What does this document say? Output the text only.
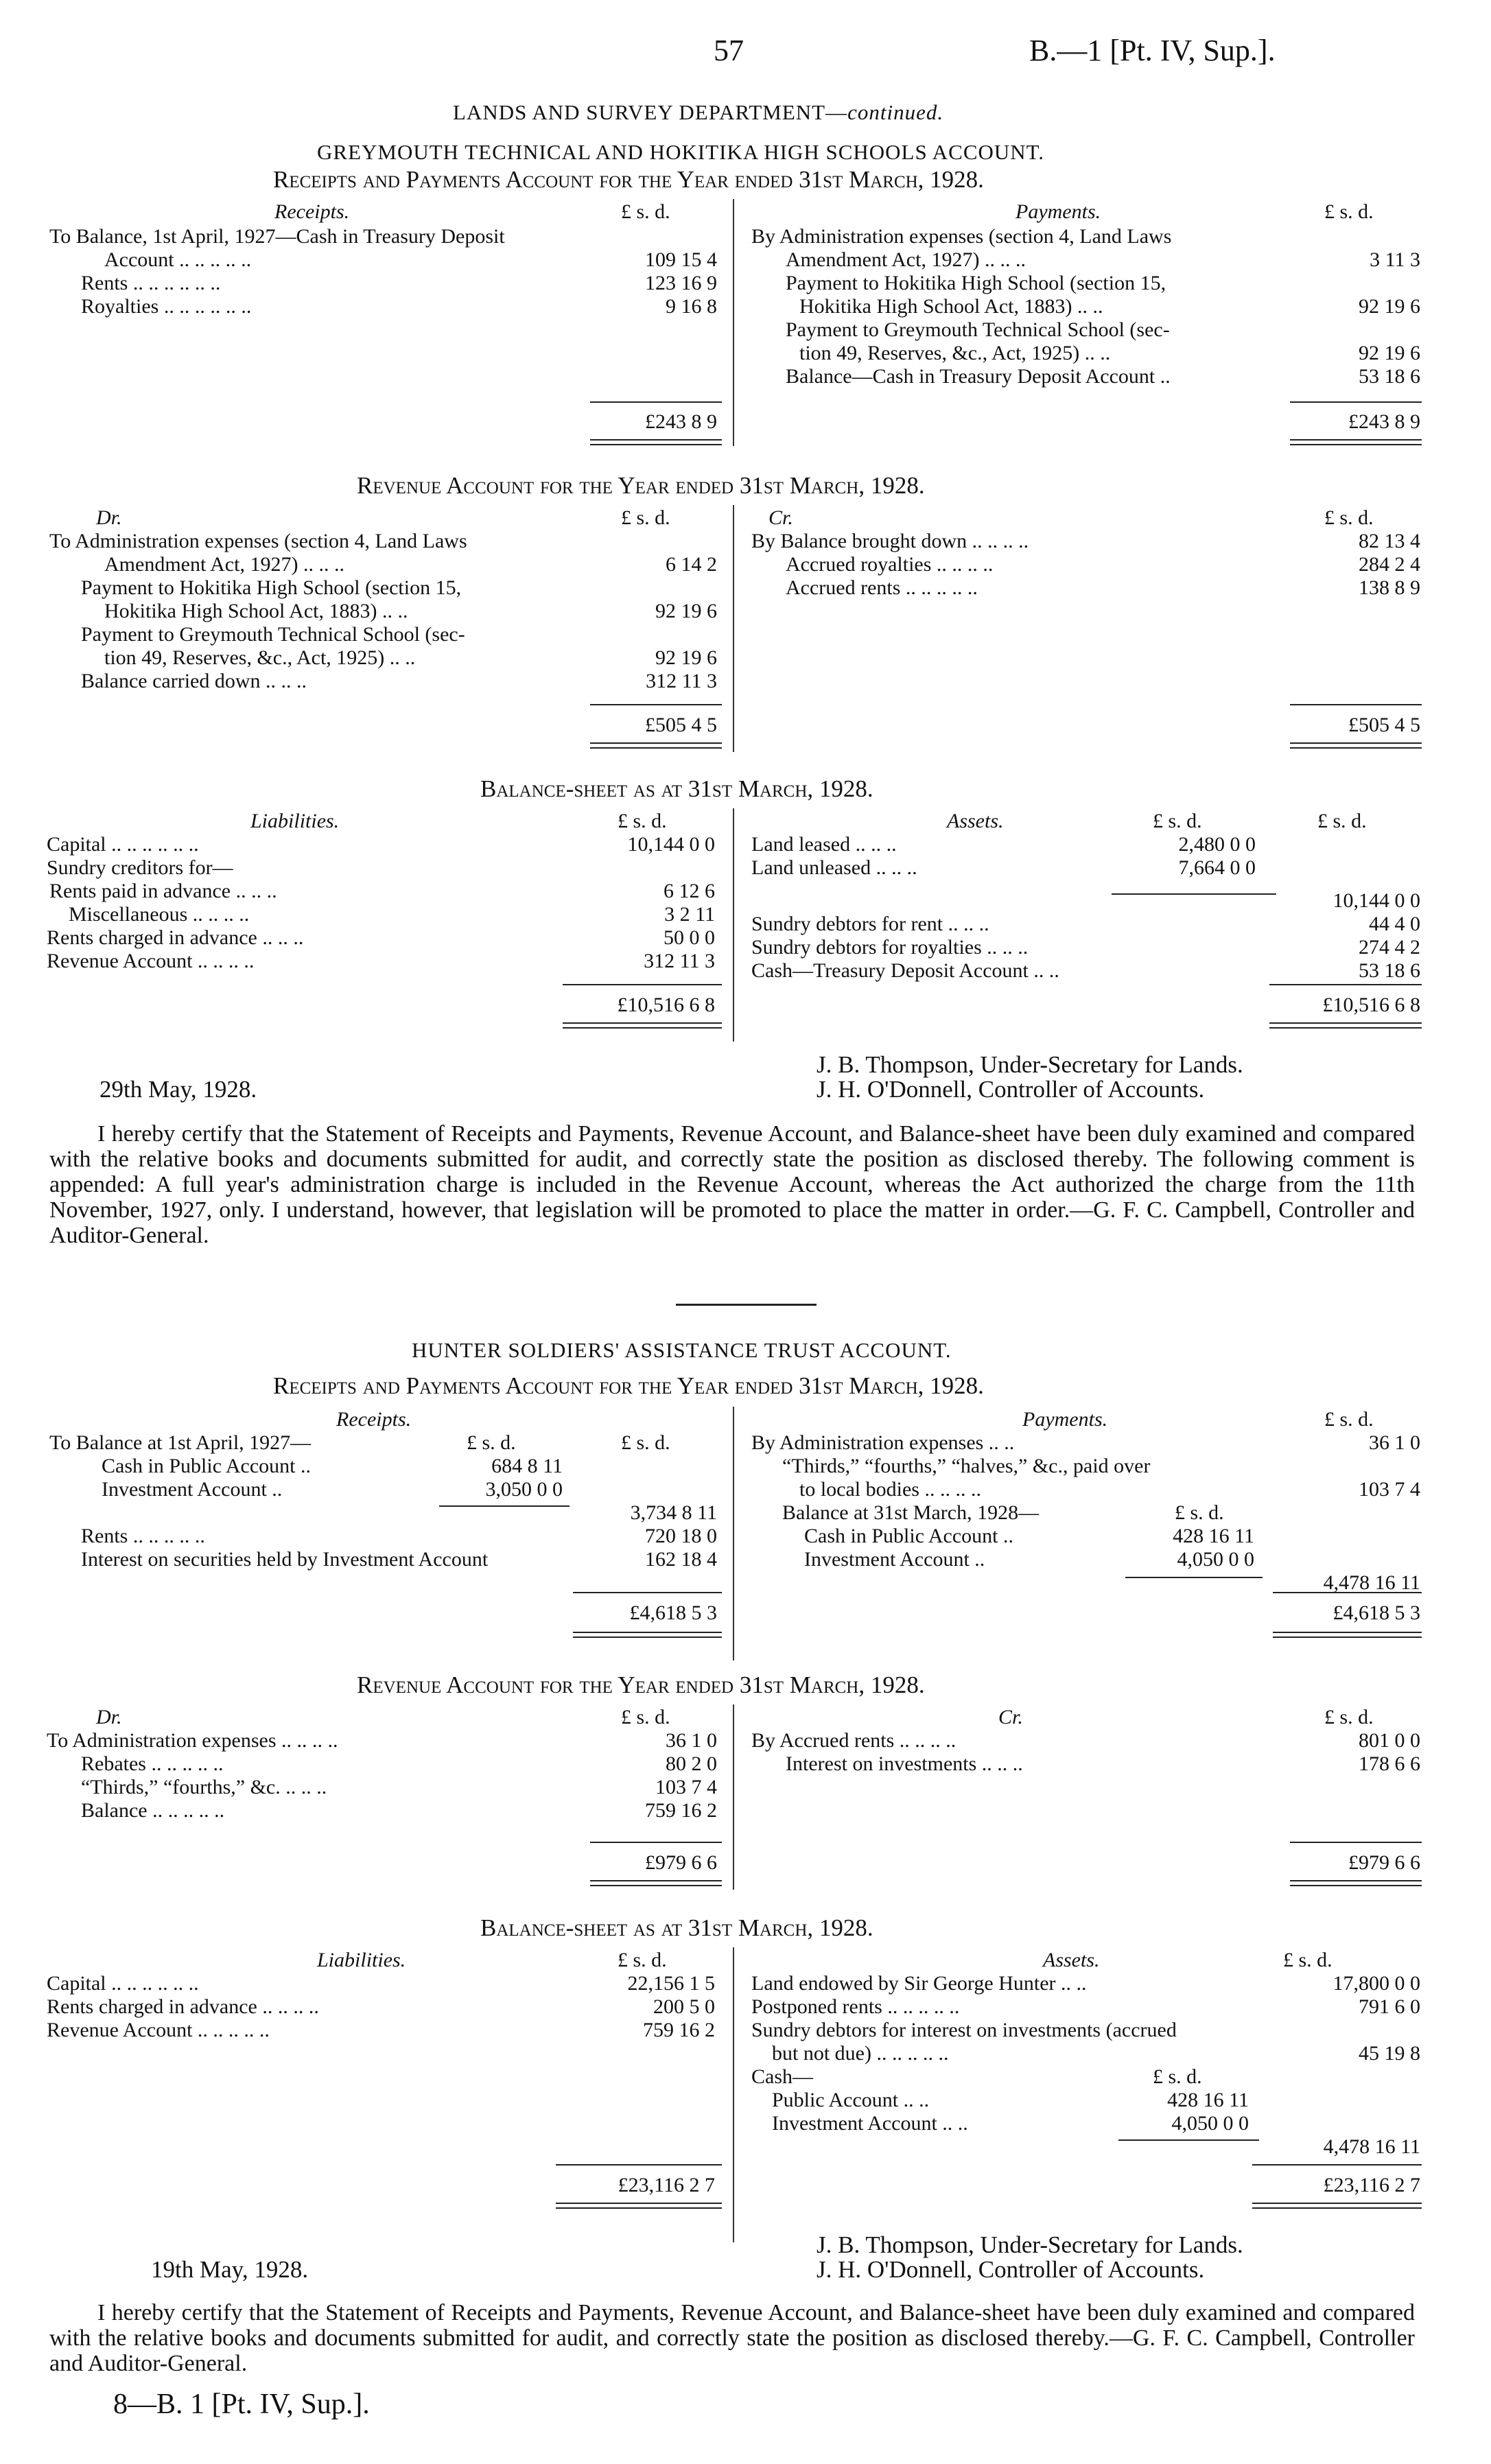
57	B.—1 [Pt. IV, Sup.].
LANDS AND SURVEY DEPARTMENT—continued.
GREYMOUTH TECHNICAL AND HOKITIKA HIGH SCHOOLS ACCOUNT.
Receipts and Payments Account for the Year ended 31st March, 1928.
Receipts.	£ s. d.
To Balance, 1st April, 1927—Cash in Treasury Deposit
Account .. .. .. .. ..	109 15 4
Rents .. .. .. .. .. ..	123 16 9
Royalties .. .. .. .. .. ..	9 16 8
£243 8 9
Payments.	£ s. d.
By Administration expenses (section 4, Land Laws
Amendment Act, 1927) .. .. ..	3 11 3
Payment to Hokitika High School (section 15,
Hokitika High School Act, 1883) .. ..	92 19 6
Payment to Greymouth Technical School (sec-
tion 49, Reserves, &c., Act, 1925) .. ..	92 19 6
Balance—Cash in Treasury Deposit Account ..	53 18 6
£243 8 9
Revenue Account for the Year ended 31st March, 1928.
Dr.	£ s. d.
To Administration expenses (section 4, Land Laws
Amendment Act, 1927) .. .. ..	6 14 2
Payment to Hokitika High School (section 15,
Hokitika High School Act, 1883) .. ..	92 19 6
Payment to Greymouth Technical School (sec-
tion 49, Reserves, &c., Act, 1925) .. ..	92 19 6
Balance carried down .. .. ..	312 11 3
£505 4 5
Cr.	£ s. d.
By Balance brought down .. .. .. ..	82 13 4
Accrued royalties .. .. .. ..	284 2 4
Accrued rents .. .. .. .. ..	138 8 9
£505 4 5
Balance-sheet as at 31st March, 1928.
Liabilities.	£ s. d.
Capital .. .. .. .. .. ..	10,144 0 0
Sundry creditors for—
Rents paid in advance .. .. ..	6 12 6
Miscellaneous .. .. .. ..	3 2 11
Rents charged in advance .. .. ..	50 0 0
Revenue Account .. .. .. ..	312 11 3
£10,516 6 8
Assets.	£ s. d.	£ s. d.
Land leased .. .. ..	2,480 0 0
Land unleased .. .. ..	7,664 0 0
10,144 0 0
Sundry debtors for rent .. .. ..	44 4 0
Sundry debtors for royalties .. .. ..	274 4 2
Cash—Treasury Deposit Account .. ..	53 18 6
£10,516 6 8
J. B. Thompson, Under-Secretary for Lands.
J. H. O'Donnell, Controller of Accounts.
29th May, 1928.
I hereby certify that the Statement of Receipts and Payments, Revenue Account, and Balance-sheet have been duly examined and compared with the relative books and documents submitted for audit, and correctly state the position as disclosed thereby. The following comment is appended: A full year's administration charge is included in the Revenue Account, whereas the Act authorized the charge from the 11th November, 1927, only. I understand, however, that legislation will be promoted to place the matter in order.—G. F. C. Campbell, Controller and Auditor-General.
HUNTER SOLDIERS' ASSISTANCE TRUST ACCOUNT.
Receipts and Payments Account for the Year ended 31st March, 1928.
Receipts.
£ s. d.	£ s. d.
To Balance at 1st April, 1927—
Cash in Public Account ..	684 8 11
Investment Account ..	3,050 0 0
3,734 8 11
Rents .. .. .. .. ..	720 18 0
Interest on securities held by Investment Account	162 18 4
£4,618 5 3
Payments.	£ s. d.
By Administration expenses .. ..	36 1 0
“Thirds,” “fourths,” “halves,” &c., paid over
to local bodies .. .. .. ..	103 7 4
Balance at 31st March, 1928—	£ s. d.
Cash in Public Account ..	428 16 11
Investment Account ..	4,050 0 0
4,478 16 11
£4,618 5 3
Revenue Account for the Year ended 31st March, 1928.
Dr.	£ s. d.
To Administration expenses .. .. .. ..	36 1 0
Rebates .. .. .. .. ..	80 2 0
“Thirds,” “fourths,” &c. .. .. ..	103 7 4
Balance .. .. .. .. ..	759 16 2
£979 6 6
Cr.	£ s. d.
By Accrued rents .. .. .. ..	801 0 0
Interest on investments .. .. ..	178 6 6
£979 6 6
Balance-sheet as at 31st March, 1928.
Liabilities.	£ s. d.
Capital .. .. .. .. .. ..	22,156 1 5
Rents charged in advance .. .. .. ..	200 5 0
Revenue Account .. .. .. .. ..	759 16 2
£23,116 2 7
Assets.	£ s. d.
Land endowed by Sir George Hunter .. ..	17,800 0 0
Postponed rents .. .. .. .. ..	791 6 0
Sundry debtors for interest on investments (accrued
but not due) .. .. .. .. ..	45 19 8
Cash—	£ s. d.
Public Account .. ..	428 16 11
Investment Account .. ..	4,050 0 0
4,478 16 11
£23,116 2 7
J. B. Thompson, Under-Secretary for Lands.
J. H. O'Donnell, Controller of Accounts.
19th May, 1928.
I hereby certify that the Statement of Receipts and Payments, Revenue Account, and Balance-sheet have been duly examined and compared with the relative books and documents submitted for audit, and correctly state the position as disclosed thereby.—G. F. C. Campbell, Controller and Auditor-General.
8—B. 1 [Pt. IV, Sup.].
